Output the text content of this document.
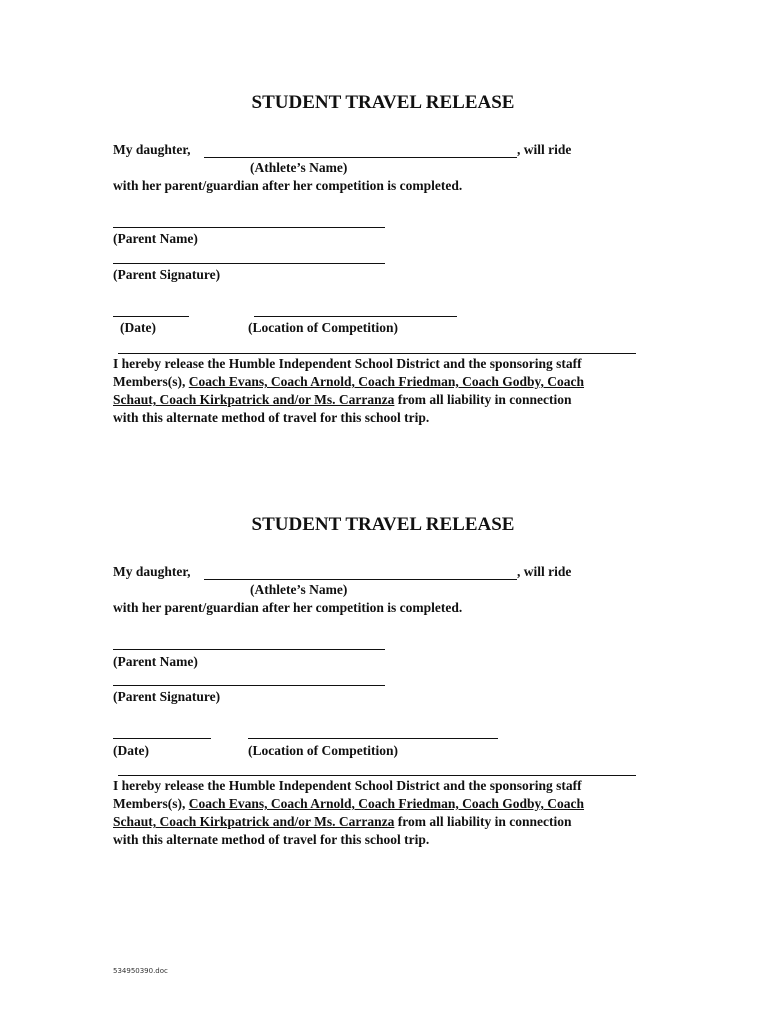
STUDENT TRAVEL RELEASE
My daughter,	, will ride
(Athlete’s Name)
with her parent/guardian after her competition is completed.
(Parent Name)
(Parent Signature)
(Date)	(Location of Competition)
I hereby release the Humble Independent School District and the sponsoring staff
Members(s), Coach Evans, Coach Arnold, Coach Friedman, Coach Godby, Coach
Schaut, Coach Kirkpatrick and/or Ms. Carranza from all liability in connection
with this alternate method of travel for this school trip.
STUDENT TRAVEL RELEASE
My daughter,	, will ride
(Athlete’s Name)
with her parent/guardian after her competition is completed.
(Parent Name)
(Parent Signature)
(Date)	(Location of Competition)
I hereby release the Humble Independent School District and the sponsoring staff
Members(s), Coach Evans, Coach Arnold, Coach Friedman, Coach Godby, Coach
Schaut, Coach Kirkpatrick and/or Ms. Carranza from all liability in connection
with this alternate method of travel for this school trip.
534950390.doc
